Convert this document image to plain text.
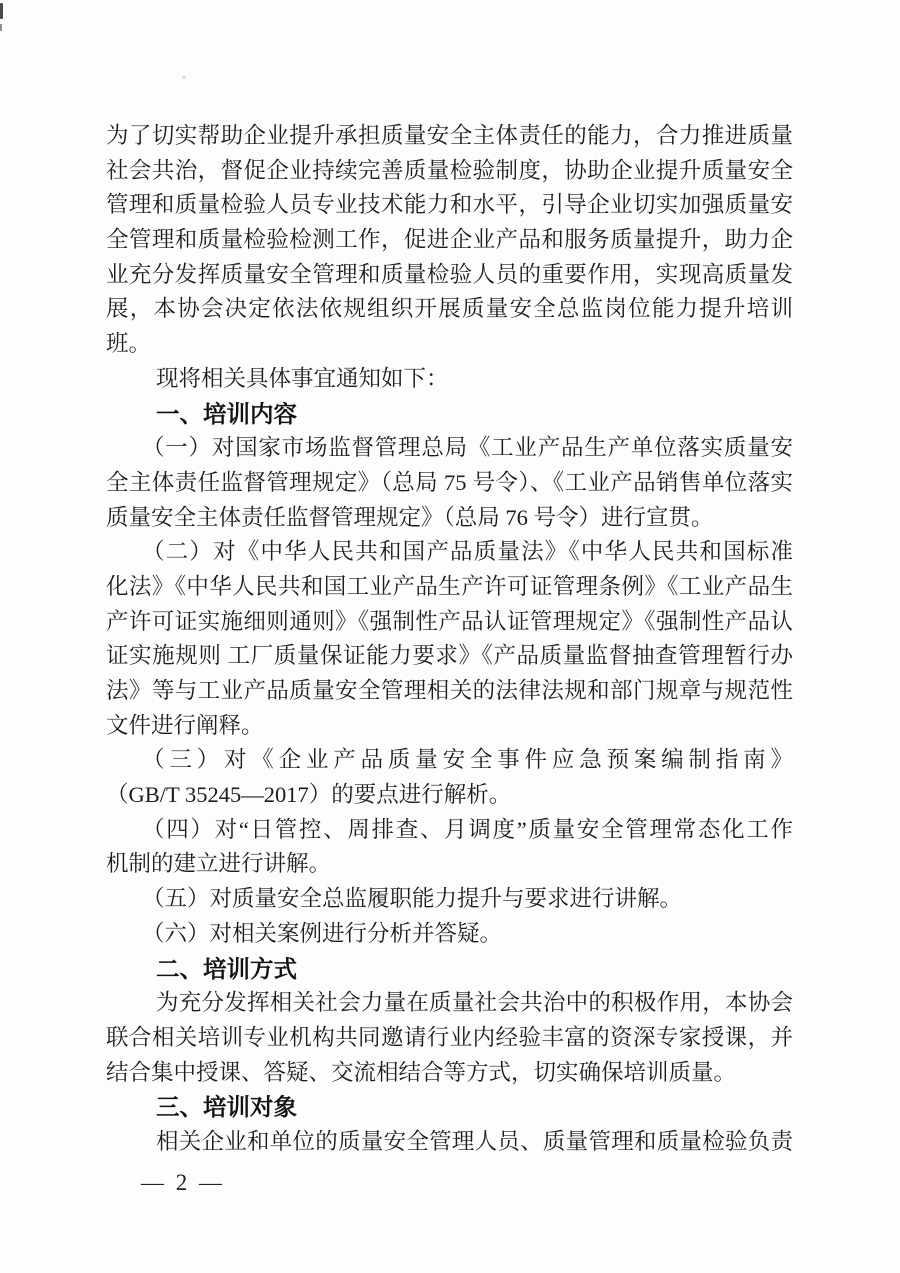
为了切实帮助企业提升承担质量安全主体责任的能力，合力推进质量
社会共治，督促企业持续完善质量检验制度，协助企业提升质量安全
管理和质量检验人员专业技术能力和水平，引导企业切实加强质量安
全管理和质量检验检测工作，促进企业产品和服务质量提升，助力企
业充分发挥质量安全管理和质量检验人员的重要作用，实现高质量发
展，本协会决定依法依规组织开展质量安全总监岗位能力提升培训
班。
现将相关具体事宜通知如下：
一、培训内容
（一）对国家市场监督管理总局《工业产品生产单位落实质量安
全主体责任监督管理规定》（总局 75 号令）、《工业产品销售单位落实
质量安全主体责任监督管理规定》（总局 76 号令）进行宣贯。
（二）对《中华人民共和国产品质量法》《中华人民共和国标准
化法》《中华人民共和国工业产品生产许可证管理条例》《工业产品生
产许可证实施细则通则》《强制性产品认证管理规定》《强制性产品认
证实施规则 工厂质量保证能力要求》《产品质量监督抽查管理暂行办
法》等与工业产品质量安全管理相关的法律法规和部门规章与规范性
文件进行阐释。
（三）对《企业产品质量安全事件应急预案编制指南》
（GB/T 35245—2017）的要点进行解析。
（四）对“日管控、周排查、月调度”质量安全管理常态化工作
机制的建立进行讲解。
（五）对质量安全总监履职能力提升与要求进行讲解。
（六）对相关案例进行分析并答疑。
二、培训方式
为充分发挥相关社会力量在质量社会共治中的积极作用，本协会
联合相关培训专业机构共同邀请行业内经验丰富的资深专家授课，并
结合集中授课、答疑、交流相结合等方式，切实确保培训质量。
三、培训对象
相关企业和单位的质量安全管理人员、质量管理和质量检验负责
— 2 —
